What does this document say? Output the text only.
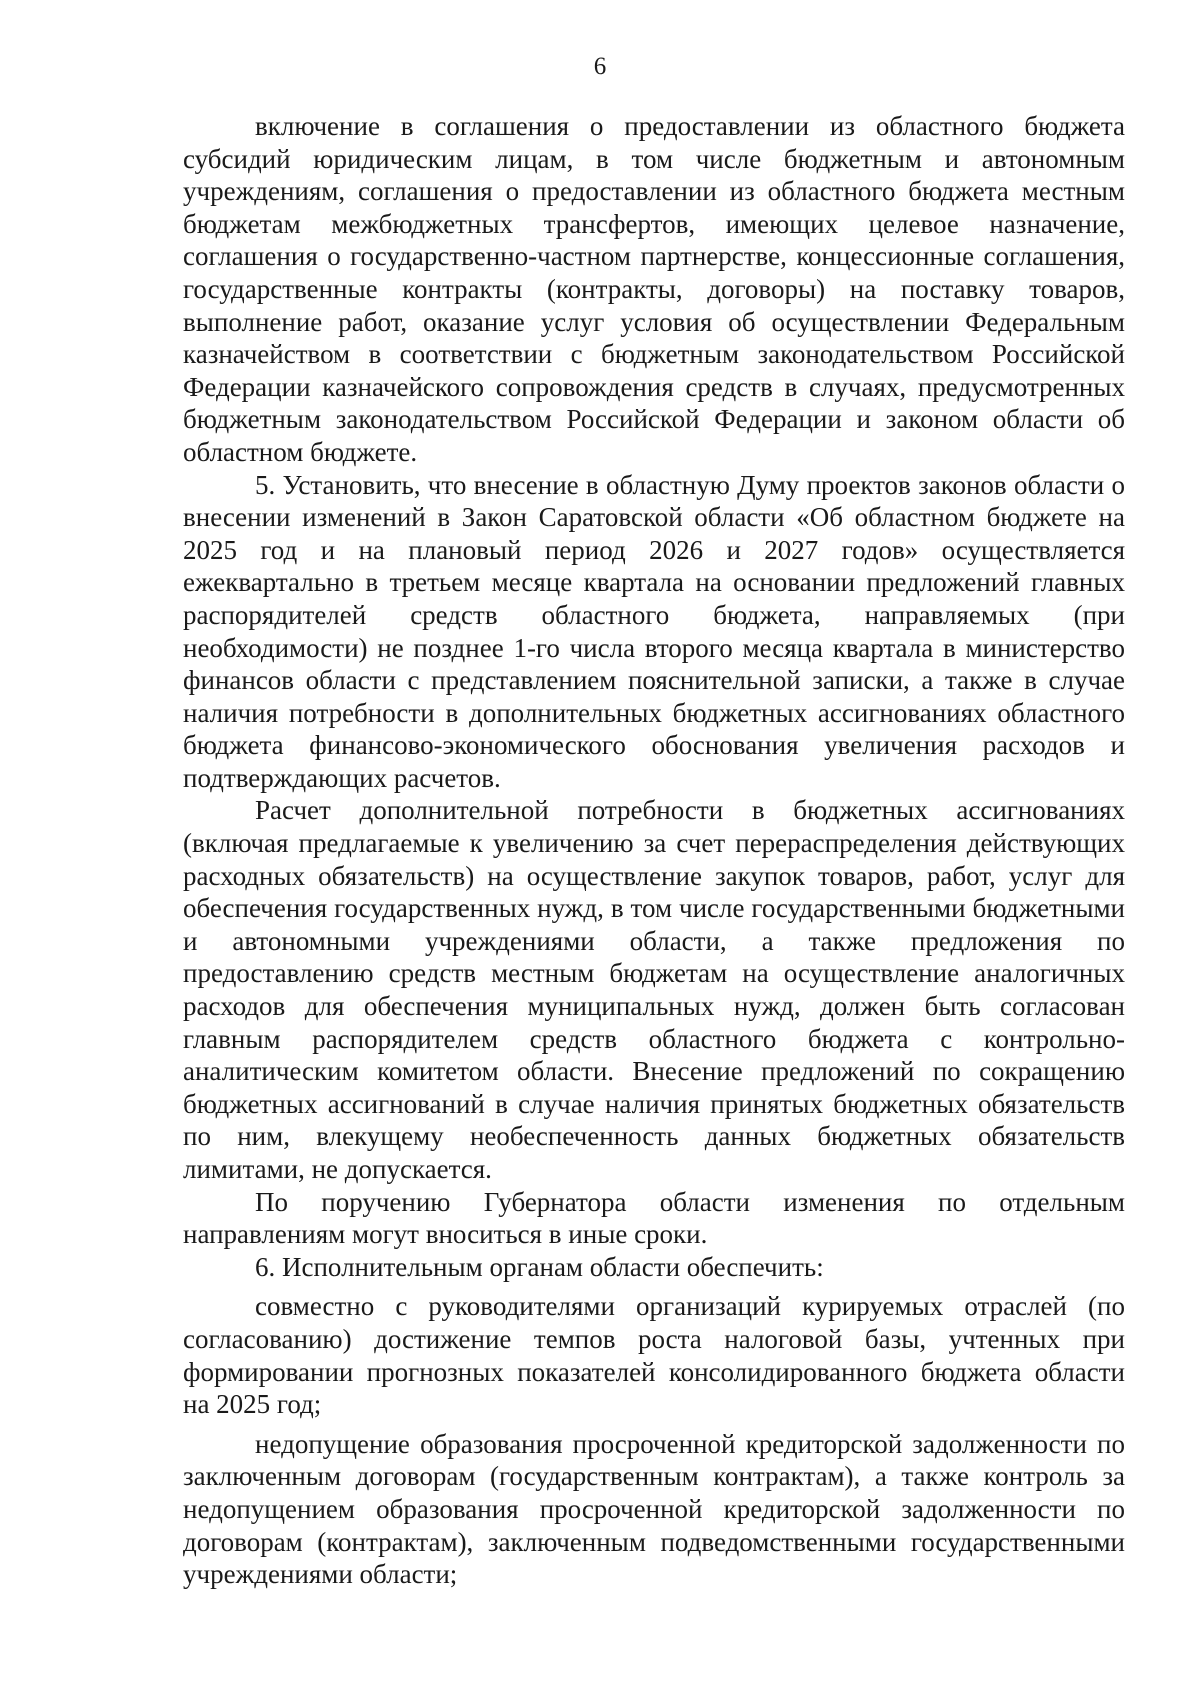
6

включение в соглашения о предоставлении из областного бюджета субсидий юридическим лицам, в том числе бюджетным и автономным учреждениям, соглашения о предоставлении из областного бюджета местным бюджетам межбюджетных трансфертов, имеющих целевое назначение, соглашения о государственно-частном партнерстве, концессионные соглашения, государственные контракты (контракты, договоры) на поставку товаров, выполнение работ, оказание услуг условия об осуществлении Федеральным казначейством в соответствии с бюджетным законодательством Российской Федерации казначейского сопровождения средств в случаях, предусмотренных бюджетным законодательством Российской Федерации и законом области об областном бюджете.

5. Установить, что внесение в областную Думу проектов законов области о внесении изменений в Закон Саратовской области «Об областном бюджете на 2025 год и на плановый период 2026 и 2027 годов» осуществляется ежеквартально в третьем месяце квартала на основании предложений главных распорядителей средств областного бюджета, направляемых (при необходимости) не позднее 1-го числа второго месяца квартала в министерство финансов области с представлением пояснительной записки, а также в случае наличия потребности в дополнительных бюджетных ассигнованиях областного бюджета финансово-экономического обоснования увеличения расходов и подтверждающих расчетов.

Расчет дополнительной потребности в бюджетных ассигнованиях (включая предлагаемые к увеличению за счет перераспределения действующих расходных обязательств) на осуществление закупок товаров, работ, услуг для обеспечения государственных нужд, в том числе государственными бюджетными и автономными учреждениями области, а также предложения по предоставлению средств местным бюджетам на осуществление аналогичных расходов для обеспечения муниципальных нужд, должен быть согласован главным распорядителем средств областного бюджета с контрольно-аналитическим комитетом области. Внесение предложений по сокращению бюджетных ассигнований в случае наличия принятых бюджетных обязательств по ним, влекущему необеспеченность данных бюджетных обязательств лимитами, не допускается.

По поручению Губернатора области изменения по отдельным направлениям могут вноситься в иные сроки.

6. Исполнительным органам области обеспечить:

совместно с руководителями организаций курируемых отраслей (по согласованию) достижение темпов роста налоговой базы, учтенных при формировании прогнозных показателей консолидированного бюджета области на 2025 год;

недопущение образования просроченной кредиторской задолженности по заключенным договорам (государственным контрактам), а также контроль за недопущением образования просроченной кредиторской задолженности по договорам (контрактам), заключенным подведомственными государственными учреждениями области;
